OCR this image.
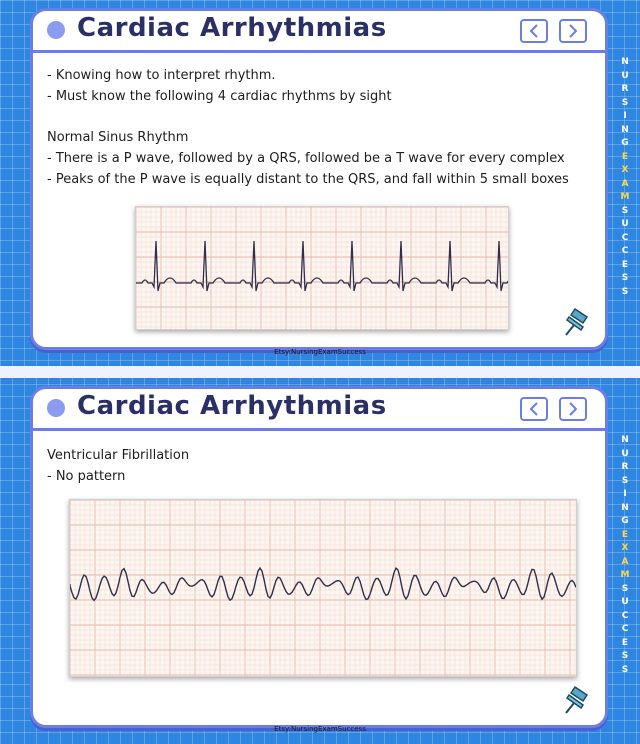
Cardiac Arrhythmias
- Knowing how to interpret rhythm.
- Must know the following 4 cardiac rhythms by sight
Normal Sinus Rhythm
- There is a P wave, followed by a QRS, followed be a T wave for every complex
- Peaks of the P wave is equally distant to the QRS, and fall within 5 small boxes
N
U
R
S
I
N
G
E
X
A
M
S
U
C
C
E
S
S
Etsy:NursingExamSuccess
Cardiac Arrhythmias
Ventricular Fibrillation
- No pattern
N
U
R
S
I
N
G
E
X
A
M
S
U
C
C
E
S
S
Etsy:NursingExamSuccess
